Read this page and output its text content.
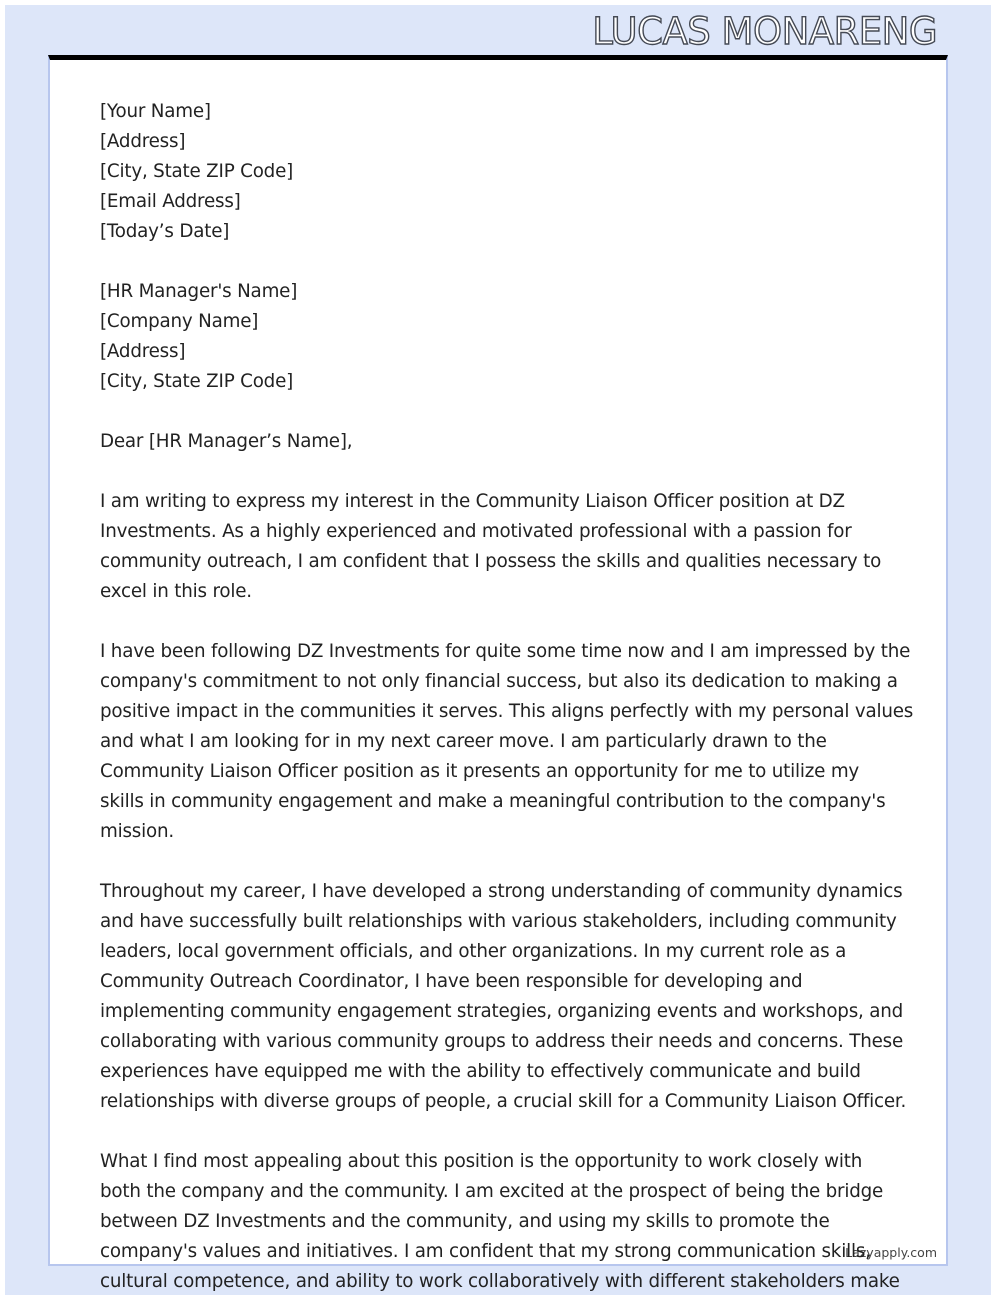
LUCAS MONARENG
[Your Name]
[Address]
[City, State ZIP Code]
[Email Address]
[Today’s Date]
[HR Manager's Name]
[Company Name]
[Address]
[City, State ZIP Code]
Dear [HR Manager’s Name],
I am writing to express my interest in the Community Liaison Officer position at DZ
Investments. As a highly experienced and motivated professional with a passion for
community outreach, I am confident that I possess the skills and qualities necessary to
excel in this role.
I have been following DZ Investments for quite some time now and I am impressed by the
company's commitment to not only financial success, but also its dedication to making a
positive impact in the communities it serves. This aligns perfectly with my personal values
and what I am looking for in my next career move. I am particularly drawn to the
Community Liaison Officer position as it presents an opportunity for me to utilize my
skills in community engagement and make a meaningful contribution to the company's
mission.
Throughout my career, I have developed a strong understanding of community dynamics
and have successfully built relationships with various stakeholders, including community
leaders, local government officials, and other organizations. In my current role as a
Community Outreach Coordinator, I have been responsible for developing and
implementing community engagement strategies, organizing events and workshops, and
collaborating with various community groups to address their needs and concerns. These
experiences have equipped me with the ability to effectively communicate and build
relationships with diverse groups of people, a crucial skill for a Community Liaison Officer.
What I find most appealing about this position is the opportunity to work closely with
both the company and the community. I am excited at the prospect of being the bridge
between DZ Investments and the community, and using my skills to promote the
company's values and initiatives. I am confident that my strong communication skills,
cultural competence, and ability to work collaboratively with different stakeholders make
Lazyapply.com
